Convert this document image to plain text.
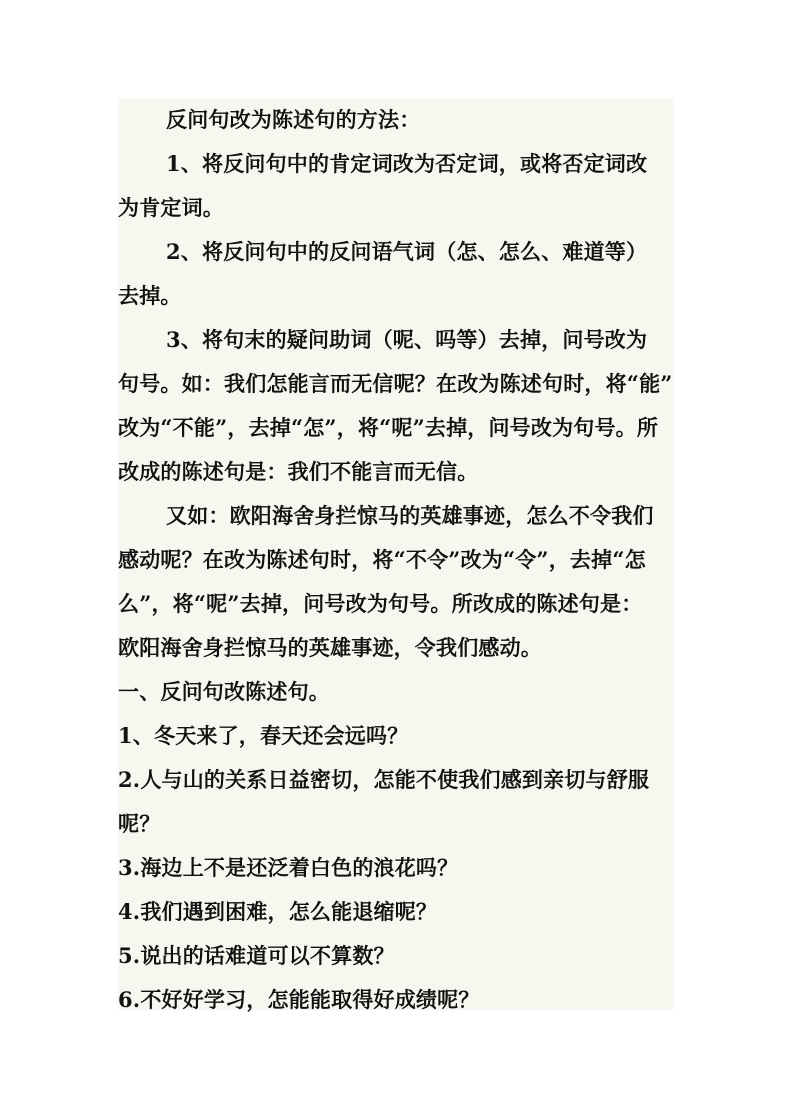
反问句改为陈述句的方法：
1、将反问句中的肯定词改为否定词，或将否定词改
为肯定词。
2、将反问句中的反问语气词（怎、怎么、难道等）
去掉。
3、将句末的疑问助词（呢、吗等）去掉，问号改为
句号。如：我们怎能言而无信呢？在改为陈述句时，将“能”
改为“不能”，去掉“怎”，将“呢”去掉，问号改为句号。所
改成的陈述句是：我们不能言而无信。
又如：欧阳海舍身拦惊马的英雄事迹，怎么不令我们
感动呢？在改为陈述句时，将“不令”改为“令”，去掉“怎
么”，将“呢”去掉，问号改为句号。所改成的陈述句是：
欧阳海舍身拦惊马的英雄事迹，令我们感动。
一、反问句改陈述句。
1、冬天来了，春天还会远吗？
2.人与山的关系日益密切，怎能不使我们感到亲切与舒服
呢？
3.海边上不是还泛着白色的浪花吗？
4.我们遇到困难，怎么能退缩呢？
5.说出的话难道可以不算数？
6.不好好学习，怎能能取得好成绩呢？
